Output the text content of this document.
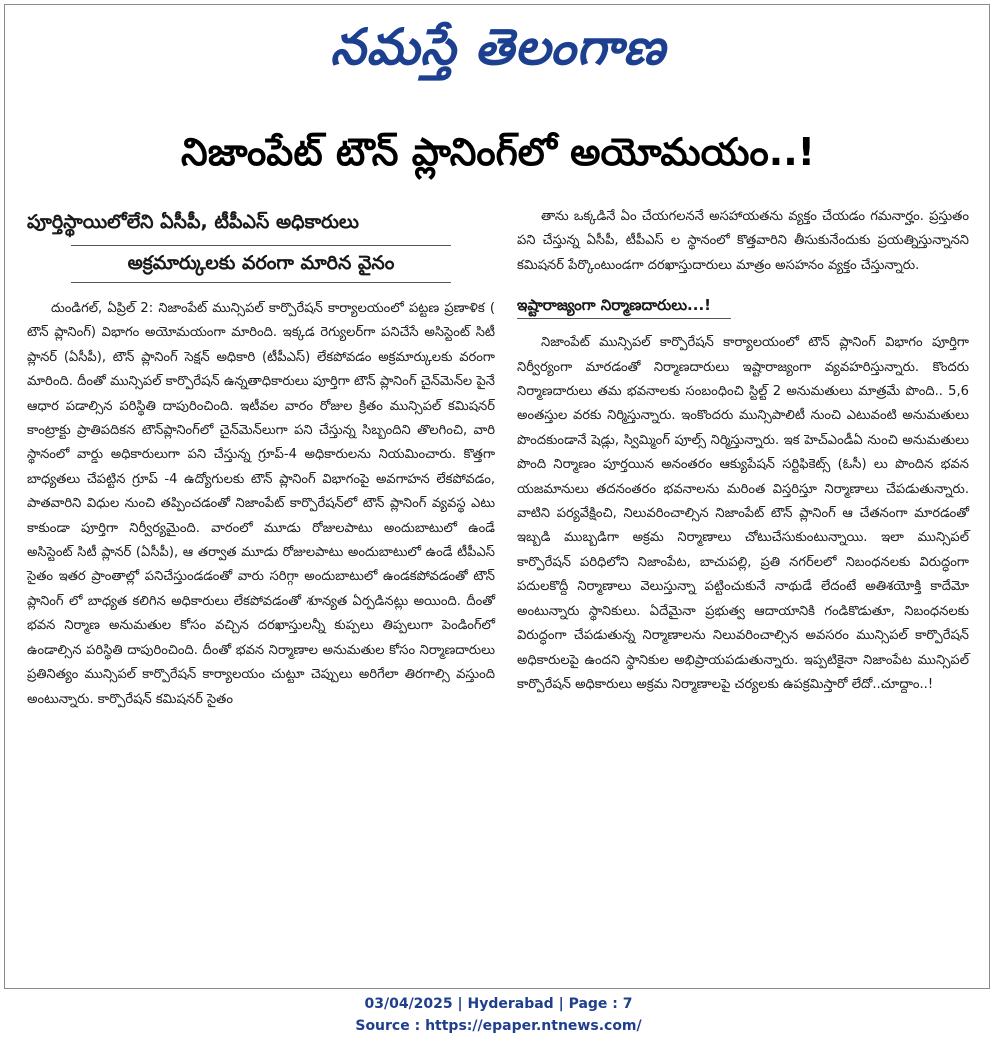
నమస్తే తెలంగాణ
నిజాంపేట్ టౌన్ ప్లానింగ్‌లో అయోమయం..!
పూర్తిస్థాయిలోలేని ఏసీపీ, టీపీఎస్ అధికారులు
అక్రమార్కులకు వరంగా మారిన వైనం

దుండిగల్, ఏప్రిల్ 2: నిజాంపేట్ మున్సిపల్ కార్పొరేషన్ కార్యాలయంలో పట్టణ ప్రణాళిక ( టౌన్ ప్లానింగ్) విభాగం అయోమయంగా మారింది. ఇక్కడ రెగ్యులర్‌గా పనిచేసే అసిస్టెంట్ సిటీ ప్లానర్ (ఏసీపీ), టౌన్ ప్లానింగ్ సెక్షన్ అధికారి (టీపీఎస్) లేకపోవడం అక్రమార్కులకు వరంగా మారింది. దీంతో మున్సిపల్ కార్పొరేషన్ ఉన్నతాధికారులు పూర్తిగా టౌన్ ప్లానింగ్ చైన్‌మెన్‌ల పైనే ఆధార పడాల్సిన పరిస్థితి దాపురించింది. ఇటీవల వారం రోజుల క్రితం మున్సిపల్ కమిషనర్ కాంట్రాక్టు ప్రాతిపదికన టౌన్‌ప్లానింగ్‌లో చైన్‌మెన్‌లుగా పని చేస్తున్న సిబ్బందిని తొలగించి, వారి స్థానంలో వార్డు అధికారులుగా పని చేస్తున్న గ్రూప్-4 అధికారులను నియమించారు. కొత్తగా బాధ్యతలు చేపట్టిన గ్రూప్ -4 ఉద్యోగులకు టౌన్ ప్లానింగ్ విభాగంపై అవగాహన లేకపోవడం, పాతవారిని విధుల నుంచి తప్పించడంతో నిజాంపేట్ కార్పొరేషన్‌లో టౌన్ ప్లానింగ్ వ్యవస్థ ఎటు కాకుండా పూర్తిగా నిర్వీర్యమైంది. వారంలో మూడు రోజులపాటు అందుబాటులో ఉండే అసిస్టెంట్ సిటీ ప్లానర్ (ఏసీపీ), ఆ తర్వాత మూడు రోజులపాటు అందుబాటులో ఉండే టీపీఎస్ సైతం ఇతర ప్రాంతాల్లో పనిచేస్తుండడంతో వారు సరిగ్గా అందుబాటులో ఉండకపోవడంతో టౌన్ ప్లానింగ్ లో బాధ్యత కలిగిన అధికారులు లేకపోవడంతో శూన్యత ఏర్పడినట్లు అయింది. దీంతో భవన నిర్మాణ అనుమతుల కోసం వచ్చిన దరఖాస్తులన్నీ కుప్పలు తిప్పలుగా పెండింగ్‌లో ఉండాల్సిన పరిస్థితి దాపురించింది. దీంతో భవన నిర్మాణాల అనుమతుల కోసం నిర్మాణదారులు ప్రతినిత్యం మున్సిపల్ కార్పొరేషన్ కార్యాలయం చుట్టూ చెప్పులు అరిగేలా తిరగాల్సి వస్తుంది అంటున్నారు. కార్పొరేషన్ కమిషనర్ సైతం

తాను ఒక్కడినే ఏం చేయగలననే అసహాయతను వ్యక్తం చేయడం గమనార్హం. ప్రస్తుతం పని చేస్తున్న ఏసీపీ, టీపీఎస్ ల స్థానంలో కొత్తవారిని తీసుకునేందుకు ప్రయత్నిస్తున్నానని కమిషనర్ పేర్కొంటుండగా దరఖాస్తుదారులు మాత్రం అసహనం వ్యక్తం చేస్తున్నారు.

ఇష్టారాజ్యంగా నిర్మాణదారులు...!

నిజాంపేట్ మున్సిపల్ కార్పొరేషన్ కార్యాలయంలో టౌన్ ప్లానింగ్ విభాగం పూర్తిగా నిర్వీర్యంగా మారడంతో నిర్మాణదారులు ఇష్టారాజ్యంగా వ్యవహరిస్తున్నారు. కొందరు నిర్మాణదారులు తమ భవనాలకు సంబంధించి స్టిల్ట్ 2 అనుమతులు మాత్రమే పొంది.. 5,6 అంతస్తుల వరకు నిర్మిస్తున్నారు. ఇంకొందరు మున్సిపాలిటీ నుంచి ఎటువంటి అనుమతులు పొందకుండానే షెడ్లు, స్విమ్మింగ్ పూల్స్ నిర్మిస్తున్నారు. ఇక హెచ్ఎండీఏ నుంచి అనుమతులు పొంది నిర్మాణం పూర్తయిన అనంతరం ఆక్యుపేషన్ సర్టిఫికెట్స్ (ఓసీ) లు పొందిన భవన యజమానులు తదనంతరం భవనాలను మరింత విస్తరిస్తూ నిర్మాణాలు చేపడుతున్నారు. వాటిని పర్యవేక్షించి, నిలువరించాల్సిన నిజాంపేట్ టౌన్ ప్లానింగ్ ఆ చేతనంగా మారడంతో ఇబ్బడి ముబ్బడిగా అక్రమ నిర్మాణాలు చోటుచేసుకుంటున్నాయి. ఇలా మున్సిపల్ కార్పొరేషన్ పరిధిలోని నిజాంపేట, బాచుపల్లి, ప్రతి నగర్‌లలో నిబంధనలకు విరుద్ధంగా పదులకొద్దీ నిర్మాణాలు వెలుస్తున్నా పట్టించుకునే నాథుడే లేదంటే అతిశయోక్తి కాదేమో అంటున్నారు స్థానికులు. ఏదేమైనా ప్రభుత్వ ఆదాయానికి గండికొడుతూ, నిబంధనలకు విరుద్ధంగా చేపడుతున్న నిర్మాణాలను నిలువరించాల్సిన అవసరం మున్సిపల్ కార్పొరేషన్ అధికారులపై ఉందని స్థానికుల అభిప్రాయపడుతున్నారు. ఇప్పటికైనా నిజాంపేట మున్సిపల్ కార్పొరేషన్ అధికారులు అక్రమ నిర్మాణాలపై చర్యలకు ఉపక్రమిస్తారో లేదో..చూద్దాం..!

03/04/2025 | Hyderabad | Page : 7
Source : https://epaper.ntnews.com/
